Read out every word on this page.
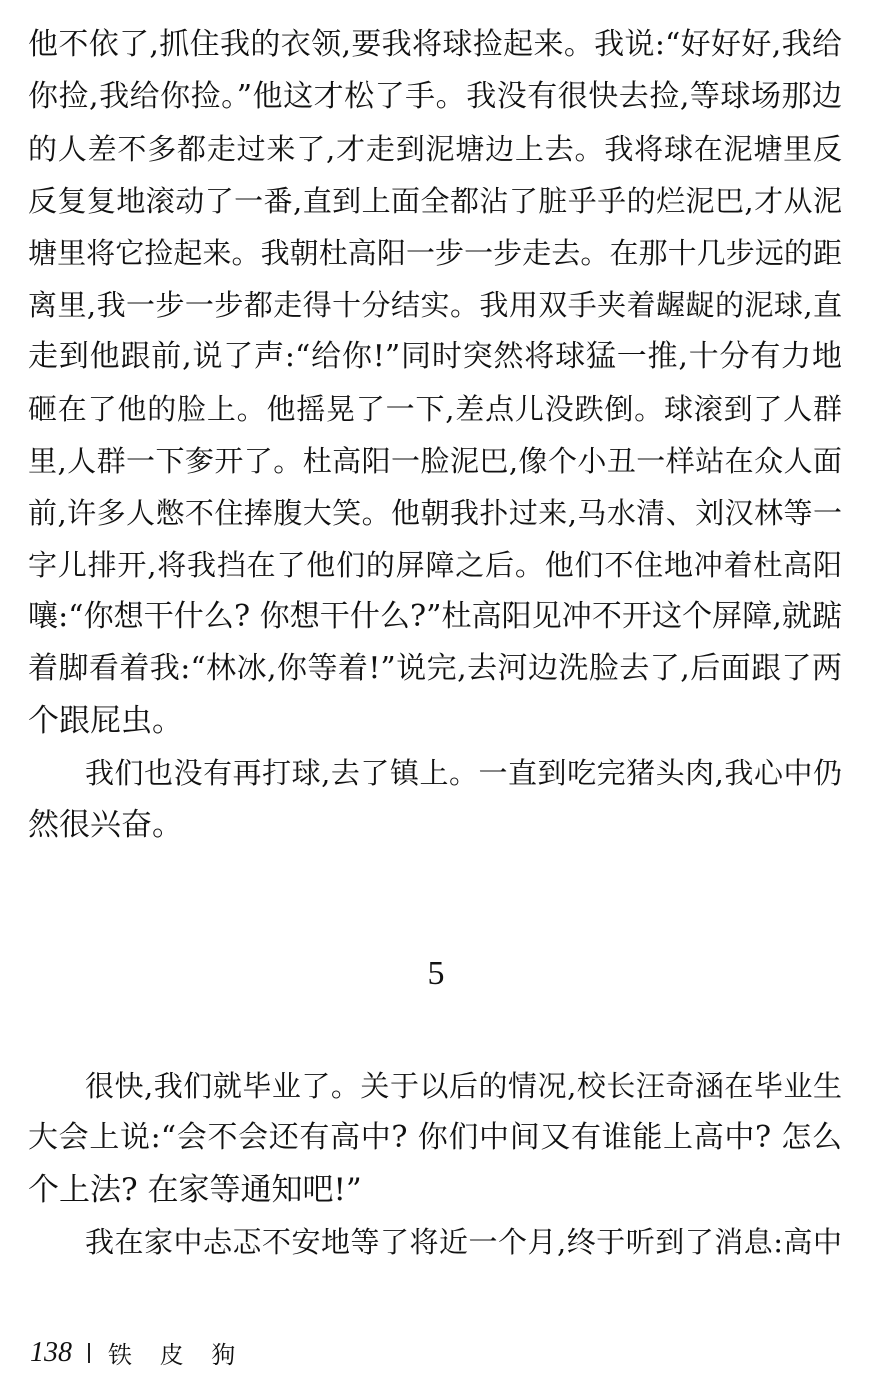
他不依了,抓住我的衣领,要我将球捡起来。我说:“好好好,我给
你捡,我给你捡。”他这才松了手。我没有很快去捡,等球场那边
的人差不多都走过来了,才走到泥塘边上去。我将球在泥塘里反
反复复地滚动了一番,直到上面全都沾了脏乎乎的烂泥巴,才从泥
塘里将它捡起来。我朝杜高阳一步一步走去。在那十几步远的距
离里,我一步一步都走得十分结实。我用双手夹着龌龊的泥球,直
走到他跟前,说了声:“给你!”同时突然将球猛一推,十分有力地
砸在了他的脸上。他摇晃了一下,差点儿没跌倒。球滚到了人群
里,人群一下奓开了。杜高阳一脸泥巴,像个小丑一样站在众人面
前,许多人憋不住捧腹大笑。他朝我扑过来,马水清、刘汉林等一
字儿排开,将我挡在了他们的屏障之后。他们不住地冲着杜高阳
嚷:“你想干什么? 你想干什么?”杜高阳见冲不开这个屏障,就踮
着脚看着我:“林冰,你等着!”说完,去河边洗脸去了,后面跟了两
个跟屁虫。
我们也没有再打球,去了镇上。一直到吃完猪头肉,我心中仍
然很兴奋。
5
很快,我们就毕业了。关于以后的情况,校长汪奇涵在毕业生
大会上说:“会不会还有高中? 你们中间又有谁能上高中? 怎么
个上法? 在家等通知吧!”
我在家中忐忑不安地等了将近一个月,终于听到了消息:高中
138 铁 皮 狗
